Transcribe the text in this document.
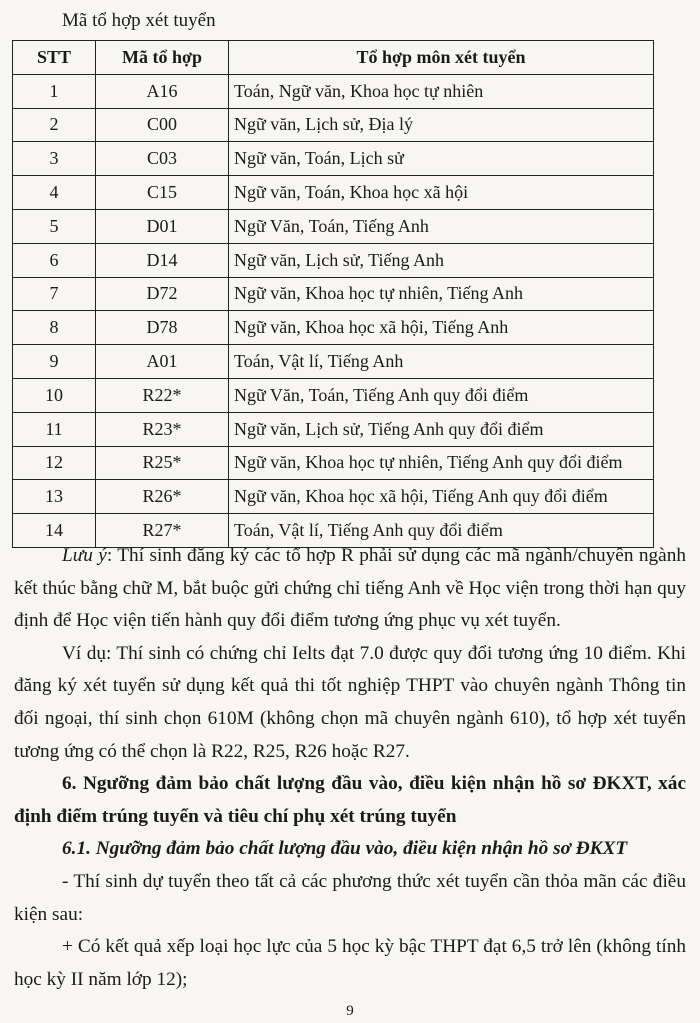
Mã tổ hợp xét tuyển
STT	Mã tổ hợp	Tổ hợp môn xét tuyển
1	A16	Toán, Ngữ văn, Khoa học tự nhiên
2	C00	Ngữ văn, Lịch sử, Địa lý
3	C03	Ngữ văn, Toán, Lịch sử
4	C15	Ngữ văn, Toán, Khoa học xã hội
5	D01	Ngữ Văn, Toán, Tiếng Anh
6	D14	Ngữ văn, Lịch sử, Tiếng Anh
7	D72	Ngữ văn, Khoa học tự nhiên, Tiếng Anh
8	D78	Ngữ văn, Khoa học xã hội, Tiếng Anh
9	A01	Toán, Vật lí, Tiếng Anh
10	R22*	Ngữ Văn, Toán, Tiếng Anh quy đổi điểm
11	R23*	Ngữ văn, Lịch sử, Tiếng Anh quy đổi điểm
12	R25*	Ngữ văn, Khoa học tự nhiên, Tiếng Anh quy đổi điểm
13	R26*	Ngữ văn, Khoa học xã hội, Tiếng Anh quy đổi điểm
14	R27*	Toán, Vật lí, Tiếng Anh quy đổi điểm

Lưu ý: Thí sinh đăng ký các tổ hợp R phải sử dụng các mã ngành/chuyên ngành kết thúc bằng chữ M, bắt buộc gửi chứng chỉ tiếng Anh về Học viện trong thời hạn quy định để Học viện tiến hành quy đổi điểm tương ứng phục vụ xét tuyển.

Ví dụ: Thí sinh có chứng chỉ Ielts đạt 7.0 được quy đổi tương ứng 10 điểm. Khi đăng ký xét tuyển sử dụng kết quả thi tốt nghiệp THPT vào chuyên ngành Thông tin đối ngoại, thí sinh chọn 610M (không chọn mã chuyên ngành 610), tổ hợp xét tuyển tương ứng có thể chọn là R22, R25, R26 hoặc R27.

6. Ngưỡng đảm bảo chất lượng đầu vào, điều kiện nhận hồ sơ ĐKXT, xác định điểm trúng tuyển và tiêu chí phụ xét trúng tuyển

6.1. Ngưỡng đảm bảo chất lượng đầu vào, điều kiện nhận hồ sơ ĐKXT

- Thí sinh dự tuyển theo tất cả các phương thức xét tuyển cần thỏa mãn các điều kiện sau:

+ Có kết quả xếp loại học lực của 5 học kỳ bậc THPT đạt 6,5 trở lên (không tính học kỳ II năm lớp 12);

9
